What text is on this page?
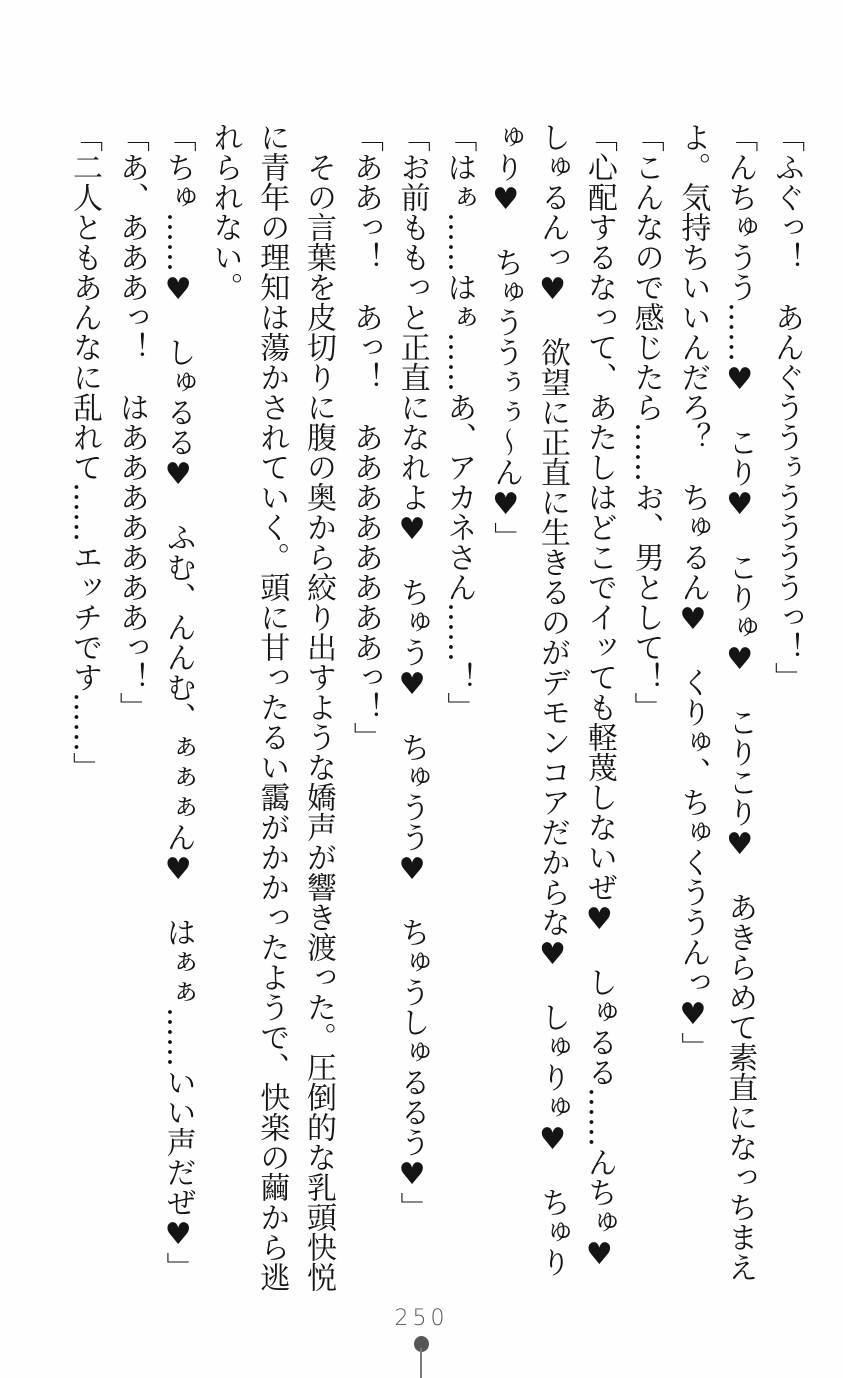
「ふぐっ！　あんぐううぅううううっ！」

「んちゅうう……♥　こり♥　こりゅ♥　こりこり♥　あきらめて素直になっちまえよ。気持ちいいんだろ？　ちゅるん♥　くりゅ、ちゅくううんっ♥」

「こんなので感じたら……お、男として！」

「心配するなって、あたしはどこでイッても軽蔑しないぜ♥　しゅるる……んちゅ♥　しゅるんっ♥　欲望に正直に生きるのがデモンコアだからな♥　しゅりゅ♥　ちゅりゅり♥　ちゅううぅぅ〜ん♥」

「はぁ……はぁ……あ、アカネさん……！」

「お前ももっと正直になれよ♥　ちゅう♥　ちゅうう♥　ちゅうしゅるるう♥」

「ああっ！　あっ！　ああああああああっ！」

その言葉を皮切りに腹の奥から絞り出すような嬌声が響き渡った。圧倒的な乳頭快悦に青年の理知は蕩かされていく。頭に甘ったるい靄がかかったようで、快楽の繭から逃れられない。

「ちゅ……♥　しゅるる♥　ふむ、んんむ、ぁぁぁん♥　はぁぁ……いい声だぜ♥」

「あ、あああっ！　はあああああああっ！」

「二人ともあんなに乱れて……エッチです……」

250
